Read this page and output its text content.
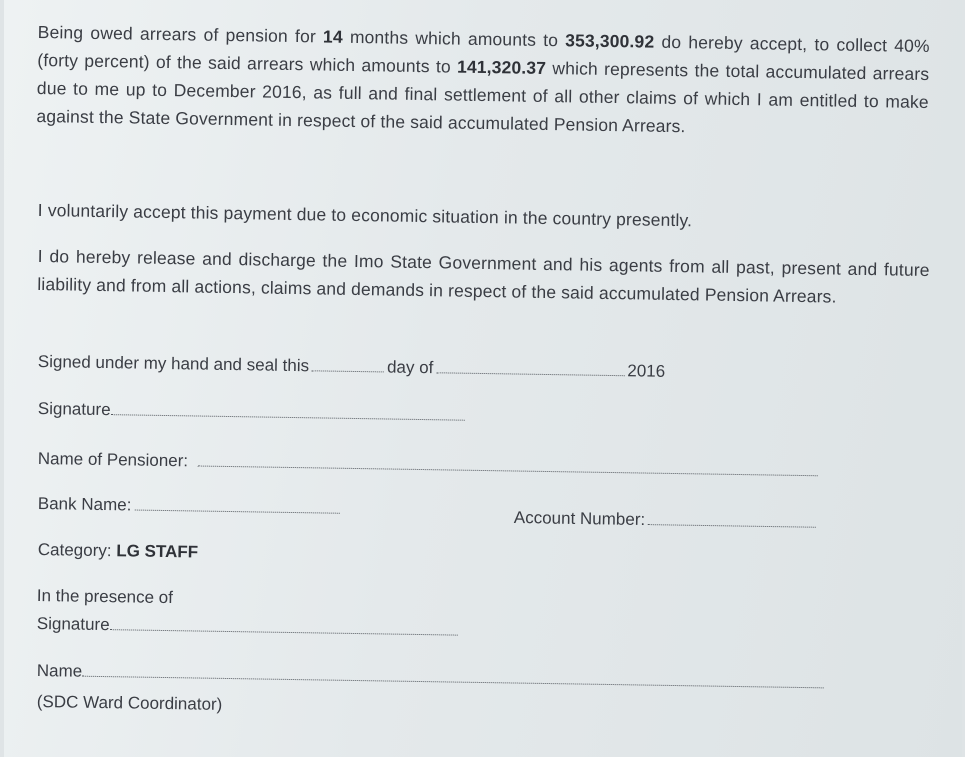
Being owed arrears of pension for 14 months which amounts to 353,300.92 do hereby accept, to collect 40% (forty percent) of the said arrears which amounts to 141,320.37 which represents the total accumulated arrears due to me up to December 2016, as full and final settlement of all other claims of which I am entitled to make against the State Government in respect of the said accumulated Pension Arrears.

I voluntarily accept this payment due to economic situation in the country presently.

I do hereby release and discharge the Imo State Government and his agents from all past, present and future liability and from all actions, claims and demands in respect of the said accumulated Pension Arrears.

Signed under my hand and seal this	day of	2016
Signature
Name of Pensioner:
Bank Name:
Account Number:
Category: LG STAFF
In the presence of
Signature
Name
(SDC Ward Coordinator)
